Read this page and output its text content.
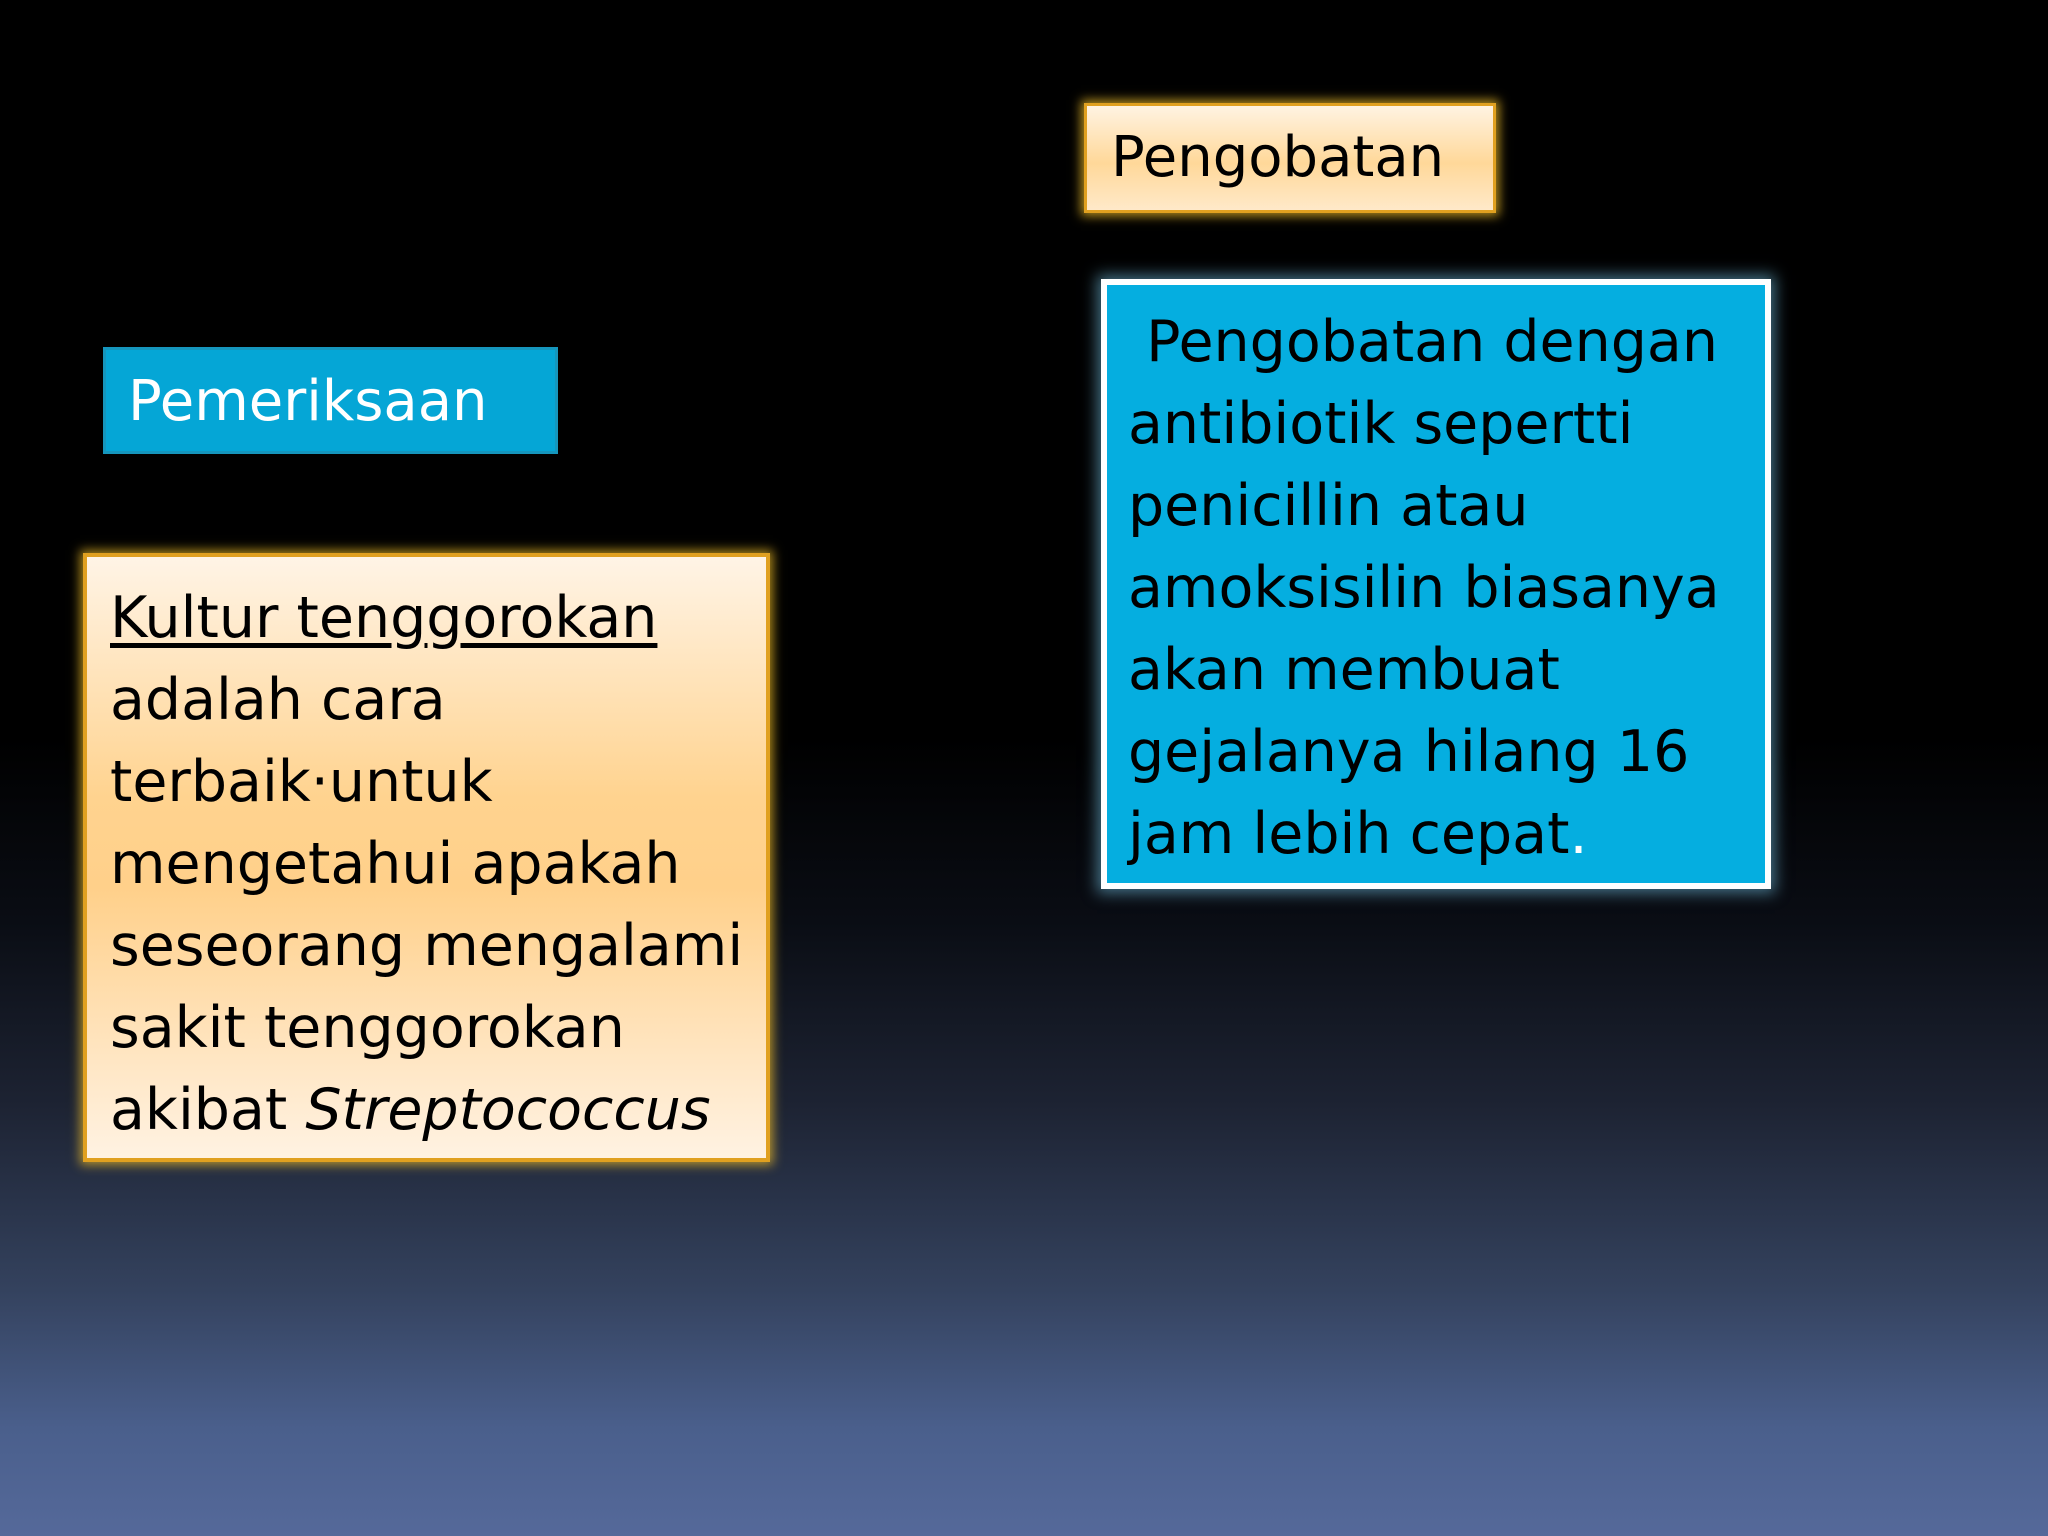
Pengobatan
Pemeriksaan

Pengobatan dengan

antibiotik sepertti

penicillin atau

amoksisilin biasanya

akan membuat

gejalanya hilang 16

jam lebih cepat.

Kultur tenggorokan

adalah cara

terbaik·untuk

mengetahui apakah

seseorang mengalami

sakit tenggorokan

akibat Streptococcus
